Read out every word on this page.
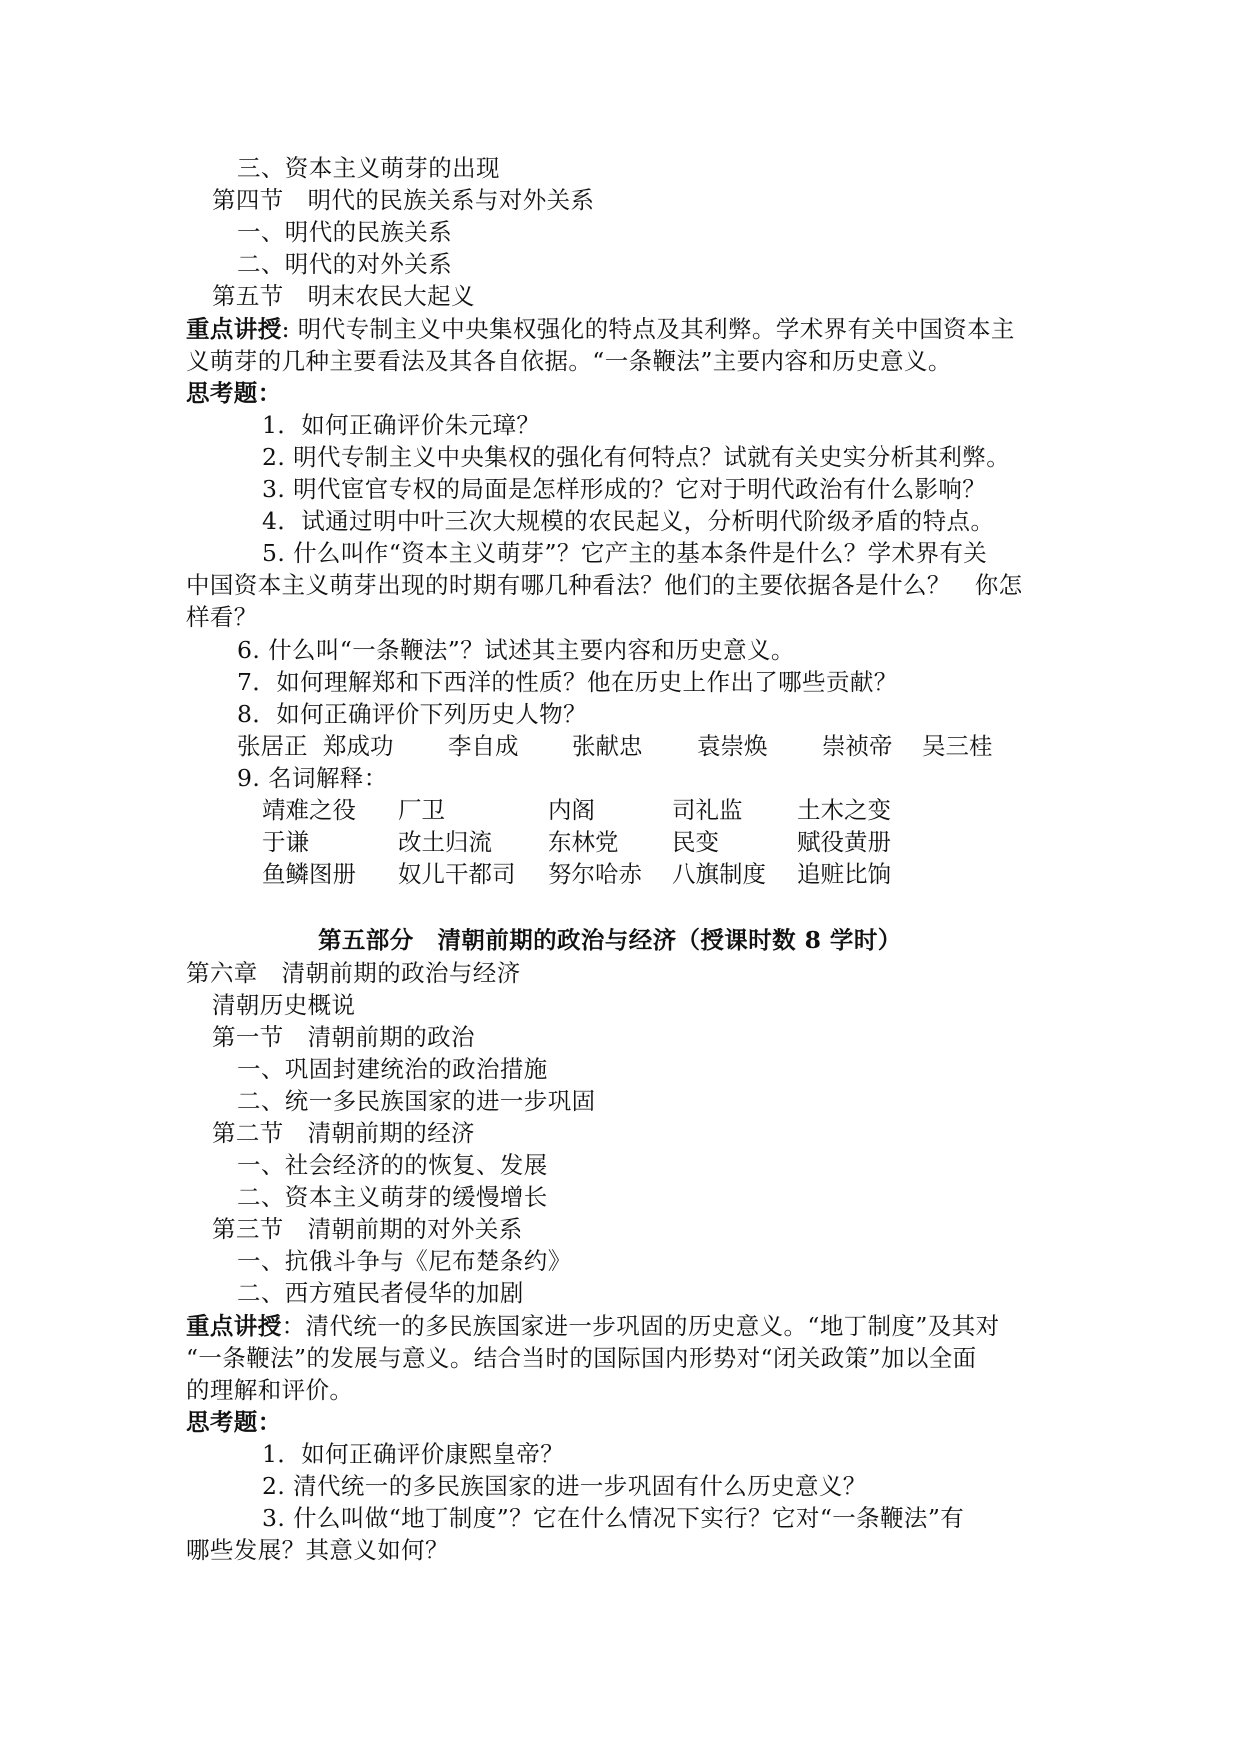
三、资本主义萌芽的出现
第四节　明代的民族关系与对外关系
一、明代的民族关系
二、明代的对外关系
第五节　明末农民大起义
重点讲授: 明代专制主义中央集权强化的特点及其利弊。学术界有关中国资本主
义萌芽的几种主要看法及其各自依据。“一条鞭法”主要内容和历史意义。
思考题：
1．如何正确评价朱元璋？
2. 明代专制主义中央集权的强化有何特点？试就有关史实分析其利弊。
3. 明代宦官专权的局面是怎样形成的？它对于明代政治有什么影响？
4．试通过明中叶三次大规模的农民起义，分析明代阶级矛盾的特点。
5. 什么叫作“资本主义萌芽”？它产主的基本条件是什么？学术界有关
中国资本主义萌芽出现的时期有哪几种看法？他们的主要依据各是什么？　你怎
样看？
6. 什么叫“一条鞭法”？试述其主要内容和历史意义。
7．如何理解郑和下西洋的性质？他在历史上作出了哪些贡献？
8．如何正确评价下列历史人物？
张居正 郑成功 李自成 张献忠 袁崇焕 崇祯帝 吴三桂
9. 名词解释：
靖难之役 厂卫	内阁	司礼监 土木之变
于谦	改土归流 东林党 民变	赋役黄册
鱼鳞图册 奴儿干都司 努尔哈赤 八旗制度 追赃比饷
第五部分　清朝前期的政治与经济（授课时数 8 学时）
第六章　清朝前期的政治与经济
清朝历史概说
第一节　清朝前期的政治
一、巩固封建统治的政治措施
二、统一多民族国家的进一步巩固
第二节　清朝前期的经济
一、社会经济的的恢复、发展
二、资本主义萌芽的缓慢增长
第三节　清朝前期的对外关系
一、抗俄斗争与《尼布楚条约》
二、西方殖民者侵华的加剧
重点讲授：清代统一的多民族国家进一步巩固的历史意义。“地丁制度”及其对
“一条鞭法”的发展与意义。结合当时的国际国内形势对“闭关政策”加以全面
的理解和评价。
思考题：
1．如何正确评价康熙皇帝？
2. 清代统一的多民族国家的进一步巩固有什么历史意义？
3. 什么叫做“地丁制度”？它在什么情况下实行？它对“一条鞭法”有
哪些发展？其意义如何？
